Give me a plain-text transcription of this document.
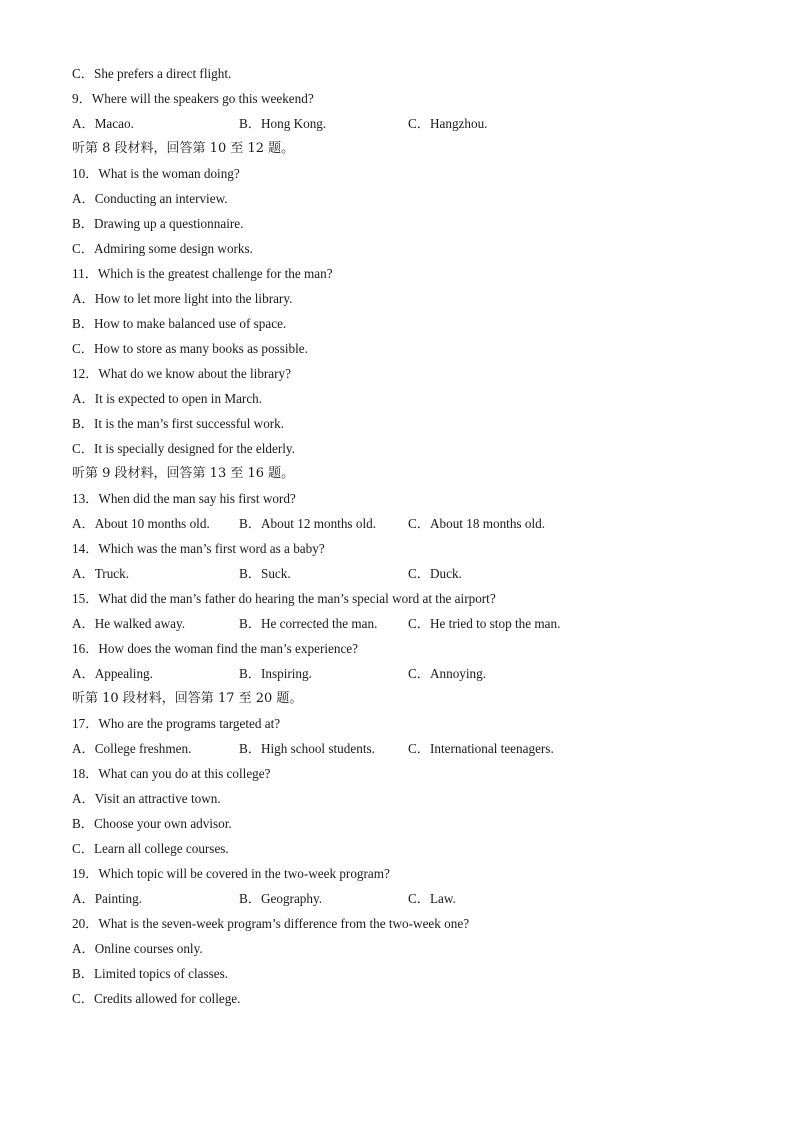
C．She prefers a direct flight.
9．Where will the speakers go this weekend?
A．Macao.	B．Hong Kong.	C．Hangzhou.
听第 8 段材料，回答第 10 至 12 题。
10．What is the woman doing?
A．Conducting an interview.
B．Drawing up a questionnaire.
C．Admiring some design works.
11．Which is the greatest challenge for the man?
A．How to let more light into the library.
B．How to make balanced use of space.
C．How to store as many books as possible.
12．What do we know about the library?
A．It is expected to open in March.
B．It is the man’s first successful work.
C．It is specially designed for the elderly.
听第 9 段材料，回答第 13 至 16 题。
13．When did the man say his first word?
A．About 10 months old. B．About 12 months old. C．About 18 months old.
14．Which was the man’s first word as a baby?
A．Truck.	B．Suck.	C．Duck.
15．What did the man’s father do hearing the man’s special word at the airport?
A．He walked away.	B．He corrected the man. C．He tried to stop the man.
16．How does the woman find the man’s experience?
A．Appealing.	B．Inspiring.	C．Annoying.
听第 10 段材料，回答第 17 至 20 题。
17．Who are the programs targeted at?
A．College freshmen.	B．High school students.	C．International teenagers.
18．What can you do at this college?
A．Visit an attractive town.
B．Choose your own advisor.
C．Learn all college courses.
19．Which topic will be covered in the two-week program?
A．Painting.	B．Geography.	C．Law.
20．What is the seven-week program’s difference from the two-week one?
A．Online courses only.
B．Limited topics of classes.
C．Credits allowed for college.
